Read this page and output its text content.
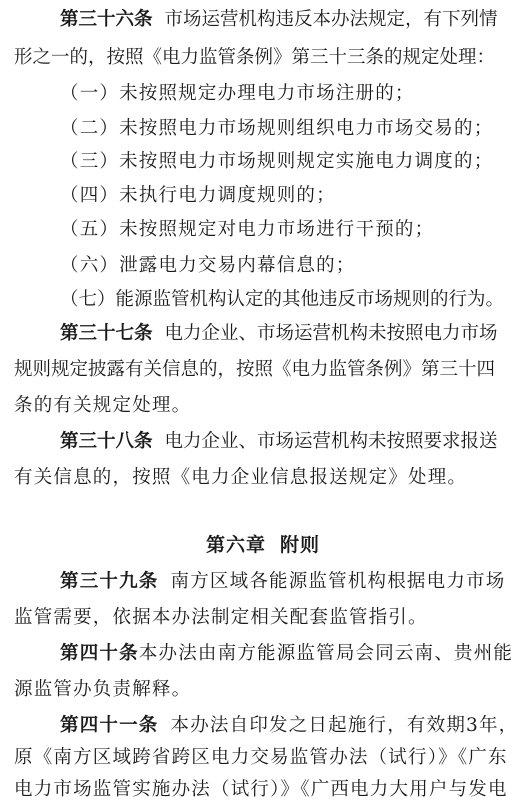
第三十六条 市场运营机构违反本办法规定，有下列情
形之一的，按照《电力监管条例》第三十三条的规定处理：
（一）未按照规定办理电力市场注册的；
（二）未按照电力市场规则组织电力市场交易的；
（三）未按照电力市场规则规定实施电力调度的；
（四）未执行电力调度规则的；
（五）未按照规定对电力市场进行干预的；
（六）泄露电力交易内幕信息的；
（七）能源监管机构认定的其他违反市场规则的行为。
第三十七条 电力企业、市场运营机构未按照电力市场
规则规定披露有关信息的，按照《电力监管条例》第三十四
条的有关规定处理。
第三十八条 电力企业、市场运营机构未按照要求报送
有关信息的，按照《电力企业信息报送规定》处理。
第六章 附则
第三十九条 南方区域各能源监管机构根据电力市场
监管需要，依据本办法制定相关配套监管指引。
第四十条本办法由南方能源监管局会同云南、贵州能
源监管办负责解释。
第四十一条 本办法自印发之日起施行，有效期3年，
原《南方区域跨省跨区电力交易监管办法（试行）》《广东
电力市场监管实施办法（试行）》《广西电力大用户与发电
